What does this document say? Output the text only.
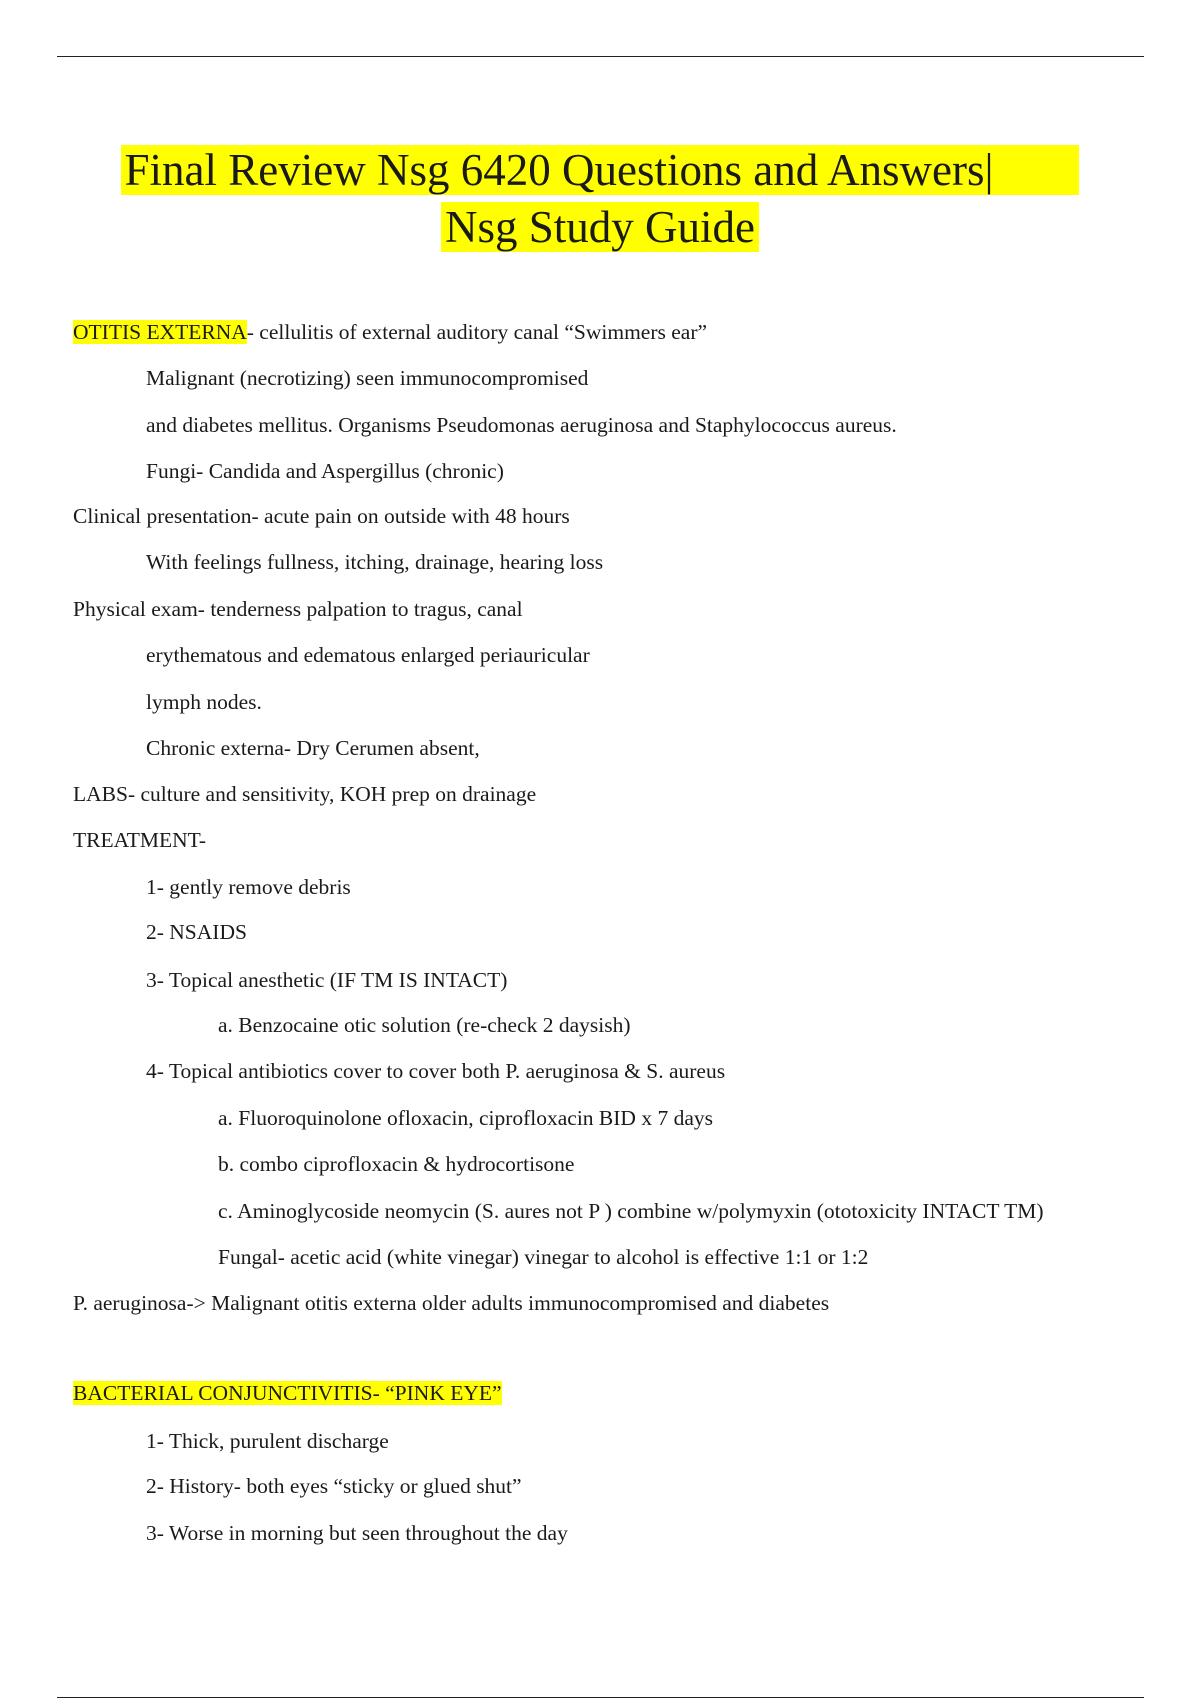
Final Review Nsg 6420 Questions and Answers|
Nsg Study Guide
OTITIS EXTERNA- cellulitis of external auditory canal “Swimmers ear”
Malignant (necrotizing) seen immunocompromised
and diabetes mellitus. Organisms Pseudomonas aeruginosa and Staphylococcus aureus.
Fungi- Candida and Aspergillus (chronic)
Clinical presentation- acute pain on outside with 48 hours
With feelings fullness, itching, drainage, hearing loss
Physical exam- tenderness palpation to tragus, canal
erythematous and edematous enlarged periauricular
lymph nodes.
Chronic externa- Dry Cerumen absent,
LABS- culture and sensitivity, KOH prep on drainage
TREATMENT-
1- gently remove debris
2- NSAIDS
3- Topical anesthetic (IF TM IS INTACT)
a. Benzocaine otic solution (re-check 2 daysish)
4- Topical antibiotics cover to cover both P. aeruginosa & S. aureus
a. Fluoroquinolone ofloxacin, ciprofloxacin BID x 7 days
b. combo ciprofloxacin & hydrocortisone
c. Aminoglycoside neomycin (S. aures not P ) combine w/polymyxin (ototoxicity INTACT TM)
Fungal- acetic acid (white vinegar) vinegar to alcohol is effective 1:1 or 1:2
P. aeruginosa-> Malignant otitis externa older adults immunocompromised and diabetes
BACTERIAL CONJUNCTIVITIS- “PINK EYE”
1- Thick, purulent discharge
2- History- both eyes “sticky or glued shut”
3- Worse in morning but seen throughout the day
